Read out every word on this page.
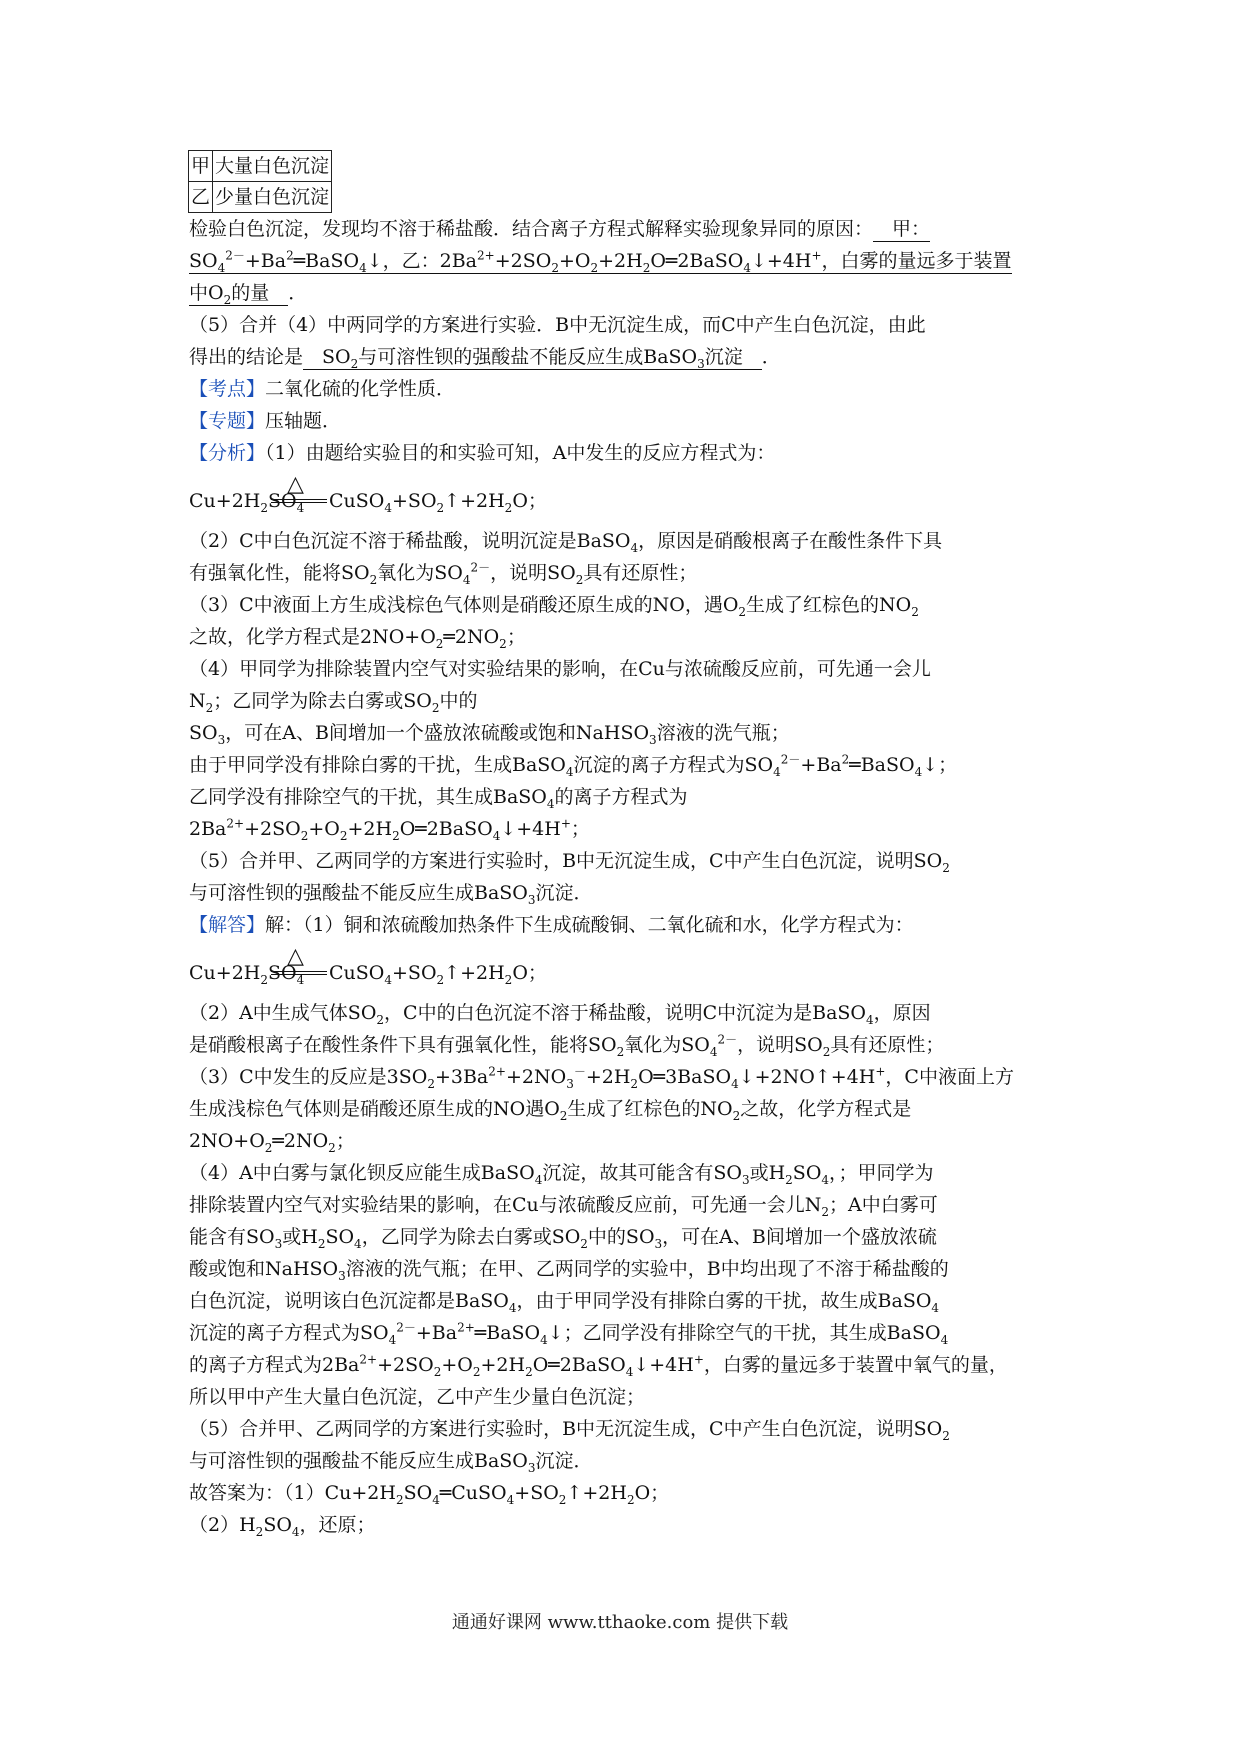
甲	大量白色沉淀
乙	少量白色沉淀
检验白色沉淀，发现均不溶于稀盐酸．结合离子方程式解释实验现象异同的原因： 甲：
$SO_4^{2-}+Ba^2═BaSO_4↓$，乙：$2Ba^{2+}+2SO_2+O_2+2H_2O═2BaSO_4↓+4H^+$，白雾的量远多于装置
中$O_2$的量 ．
（5）合并（4）中两同学的方案进行实验．B中无沉淀生成，而C中产生白色沉淀，由此
得出的结论是 $SO_2$与可溶性钡的强酸盐不能反应生成BaSO$_3$沉淀 ．
【考点】二氧化硫的化学性质．
【专题】压轴题．
【分析】（1）由题给实验目的和实验可知，A中发生的反应方程式为：
$Cu+2H_2SO_4$
△
$CuSO_4+SO_2↑+2H_2O$；
（2）C中白色沉淀不溶于稀盐酸，说明沉淀是BaSO$_4$，原因是硝酸根离子在酸性条件下具
有强氧化性，能将$SO_2$氧化为$SO_4^{2-}$，说明$SO_2$具有还原性；
（3）C中液面上方生成浅棕色气体则是硝酸还原生成的NO，遇$O_2$生成了红棕色的$NO_2$
之故，化学方程式是$2NO+O_2═2NO_2$；
（4）甲同学为排除装置内空气对实验结果的影响，在Cu与浓硫酸反应前，可先通一会儿
$N_2$；乙同学为除去白雾或$SO_2$中的
$SO_3$，可在A、B间增加一个盛放浓硫酸或饱和NaHSO$_3$溶液的洗气瓶；
由于甲同学没有排除白雾的干扰，生成BaSO$_4$沉淀的离子方程式为$SO_4^{2-}+Ba^2═BaSO_4↓$；
乙同学没有排除空气的干扰，其生成BaSO$_4$的离子方程式为
$2Ba^{2+}+2SO_2+O_2+2H_2O═2BaSO_4↓+4H^+$；
（5）合并甲、乙两同学的方案进行实验时，B中无沉淀生成，C中产生白色沉淀，说明$SO_2$
与可溶性钡的强酸盐不能反应生成BaSO$_3$沉淀．
【解答】解：（1）铜和浓硫酸加热条件下生成硫酸铜、二氧化硫和水，化学方程式为：
$Cu+2H_2SO_4$
△
$CuSO_4+SO_2↑+2H_2O$；
（2）A中生成气体$SO_2$，C中的白色沉淀不溶于稀盐酸，说明C中沉淀为是BaSO$_4$，原因
是硝酸根离子在酸性条件下具有强氧化性，能将$SO_2$氧化为$SO_4^{2-}$，说明$SO_2$具有还原性；
（3）C中发生的反应是$3SO_2+3Ba^{2+}+2NO_3^-+2H_2O═3BaSO_4↓+2NO↑+4H^+$，C中液面上方
生成浅棕色气体则是硝酸还原生成的NO遇$O_2$生成了红棕色的$NO_2$之故，化学方程式是
$2NO+O_2═2NO_2$；
（4）A中白雾与氯化钡反应能生成BaSO$_4$沉淀，故其可能含有$SO_3$或$H_2SO_4$，；甲同学为
排除装置内空气对实验结果的影响，在Cu与浓硫酸反应前，可先通一会儿$N_2$；A中白雾可
能含有$SO_3$或$H_2SO_4$，乙同学为除去白雾或$SO_2$中的$SO_3$，可在A、B间增加一个盛放浓硫
酸或饱和NaHSO$_3$溶液的洗气瓶；在甲、乙两同学的实验中，B中均出现了不溶于稀盐酸的
白色沉淀，说明该白色沉淀都是BaSO$_4$，由于甲同学没有排除白雾的干扰，故生成BaSO$_4$
沉淀的离子方程式为$SO_4^{2-}+Ba^{2+}═BaSO_4↓$；乙同学没有排除空气的干扰，其生成BaSO$_4$
的离子方程式为$2Ba^{2+}+2SO_2+O_2+2H_2O═2BaSO_4↓+4H^+$，白雾的量远多于装置中氧气的量，
所以甲中产生大量白色沉淀，乙中产生少量白色沉淀；
（5）合并甲、乙两同学的方案进行实验时，B中无沉淀生成，C中产生白色沉淀，说明$SO_2$
与可溶性钡的强酸盐不能反应生成BaSO$_3$沉淀．
故答案为：$(1)Cu+2H_2SO_4═CuSO_4+SO_2↑+2H_2O$；
$(2)H_2SO_4$，还原；
通通好课网 www.tthaoke.com 提供下载
